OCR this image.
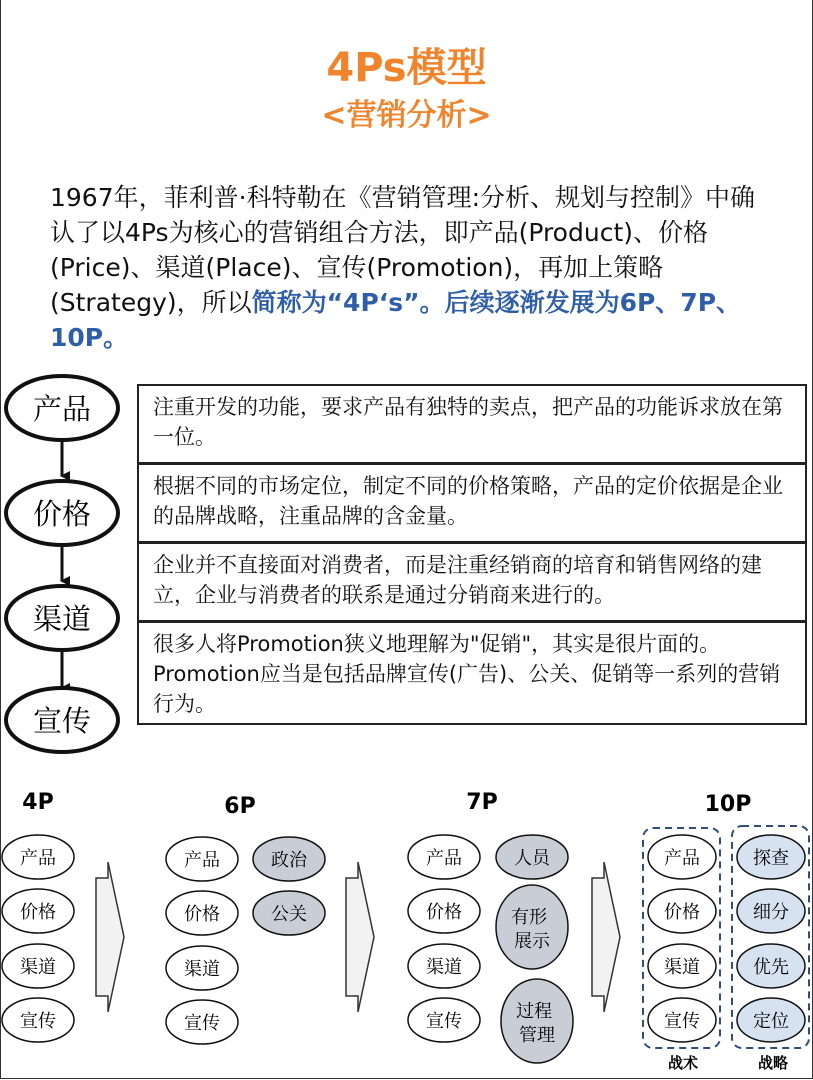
4Ps模型
<营销分析>
1967年，菲利普·科特勒在《营销管理:分析、规划与控制》中确认了以4Ps为核心的营销组合方法，即产品(Product)、价格(Price)、渠道(Place)、宣传(Promotion)，再加上策略(Strategy)，所以简称为“4P‘s”。后续逐渐发展为6P、7P、10P。
产品
价格
渠道
宣传
4P	6P	7P	10P
产品
价格
渠道
宣传
产品
价格
渠道
宣传
政治
公关
产品
价格
渠道
宣传
人员
有形 展示
过程 管理
产品
价格
渠道
宣传
探查
细分
优先
定位
战术	战略
注重开发的功能，要求产品有独特的卖点，把产品的功能诉求放在第一位。
根据不同的市场定位，制定不同的价格策略，产品的定价依据是企业的品牌战略，注重品牌的含金量。
企业并不直接面对消费者，而是注重经销商的培育和销售网络的建立，企业与消费者的联系是通过分销商来进行的。
很多人将Promotion狭义地理解为"促销"，其实是很片面的。Promotion应当是包括品牌宣传(广告)、公关、促销等一系列的营销行为。
